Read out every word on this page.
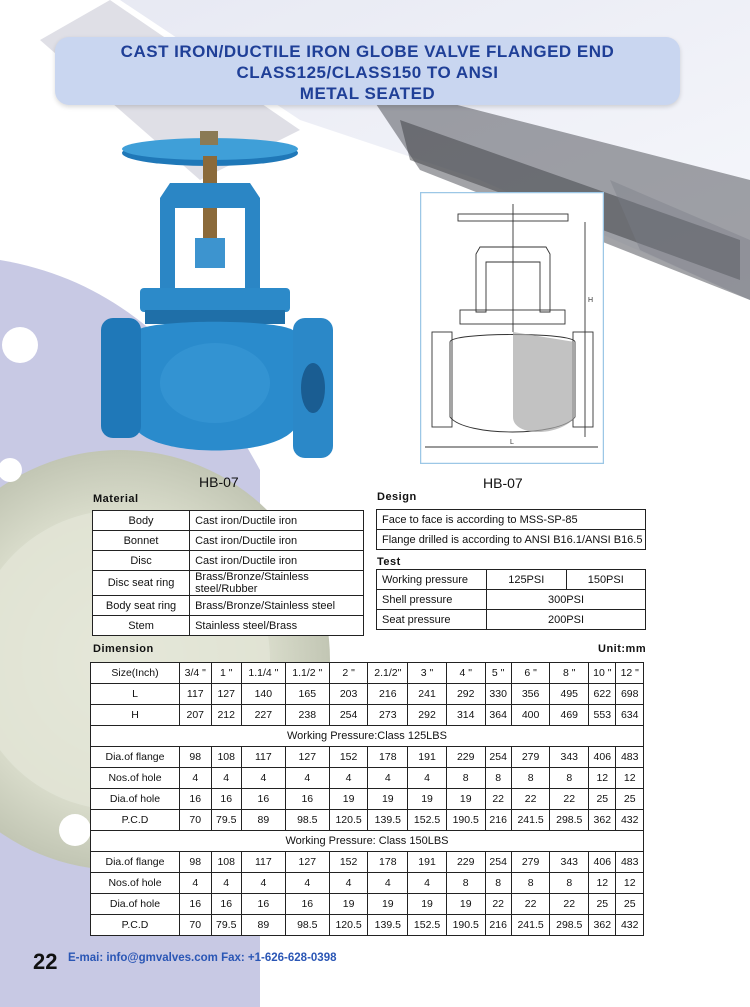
CAST IRON/DUCTILE IRON GLOBE VALVE FLANGED END
CLASS125/CLASS150 TO ANSI
METAL SEATED
HB-07
H
L
HB-07
Material
Body	Cast iron/Ductile iron
Bonnet	Cast iron/Ductile iron
Disc	Cast iron/Ductile iron
Disc seat ring	Brass/Bronze/Stainless steel/Rubber
Body seat ring	Brass/Bronze/Stainless steel
Stem	Stainless steel/Brass
Design
Face to face is according to MSS-SP-85
Flange drilled is according to ANSI B16.1/ANSI B16.5
Test
Working pressure	125PSI	150PSI
Shell pressure	300PSI	
Seat pressure	200PSI	
Dimension	Unit:mm
Size(Inch)	3/4 "	1 "	1.1/4 "	1.1/2 "	2 "	2.1/2"	3 "	4 "	5 "	6 "	8 "	10 "	12 "
L	117	127	140	165	203	216	241	292	330	356	495	622	698
H	207	212	227	238	254	273	292	314	364	400	469	553	634
Working Pressure:Class 125LBS													
Dia.of flange	98	108	117	127	152	178	191	229	254	279	343	406	483
Nos.of hole	4	4	4	4	4	4	4	8	8	8	8	12	12
Dia.of hole	16	16	16	16	19	19	19	19	22	22	22	25	25
P.C.D	70	79.5	89	98.5	120.5	139.5	152.5	190.5	216	241.5	298.5	362	432
Working Pressure: Class 150LBS													
Dia.of flange	98	108	117	127	152	178	191	229	254	279	343	406	483
Nos.of hole	4	4	4	4	4	4	4	8	8	8	8	12	12
Dia.of hole	16	16	16	16	19	19	19	19	22	22	22	25	25
P.C.D	70	79.5	89	98.5	120.5	139.5	152.5	190.5	216	241.5	298.5	362	432
22 E-mai: info@gmvalves.com Fax: +1-626-628-0398
